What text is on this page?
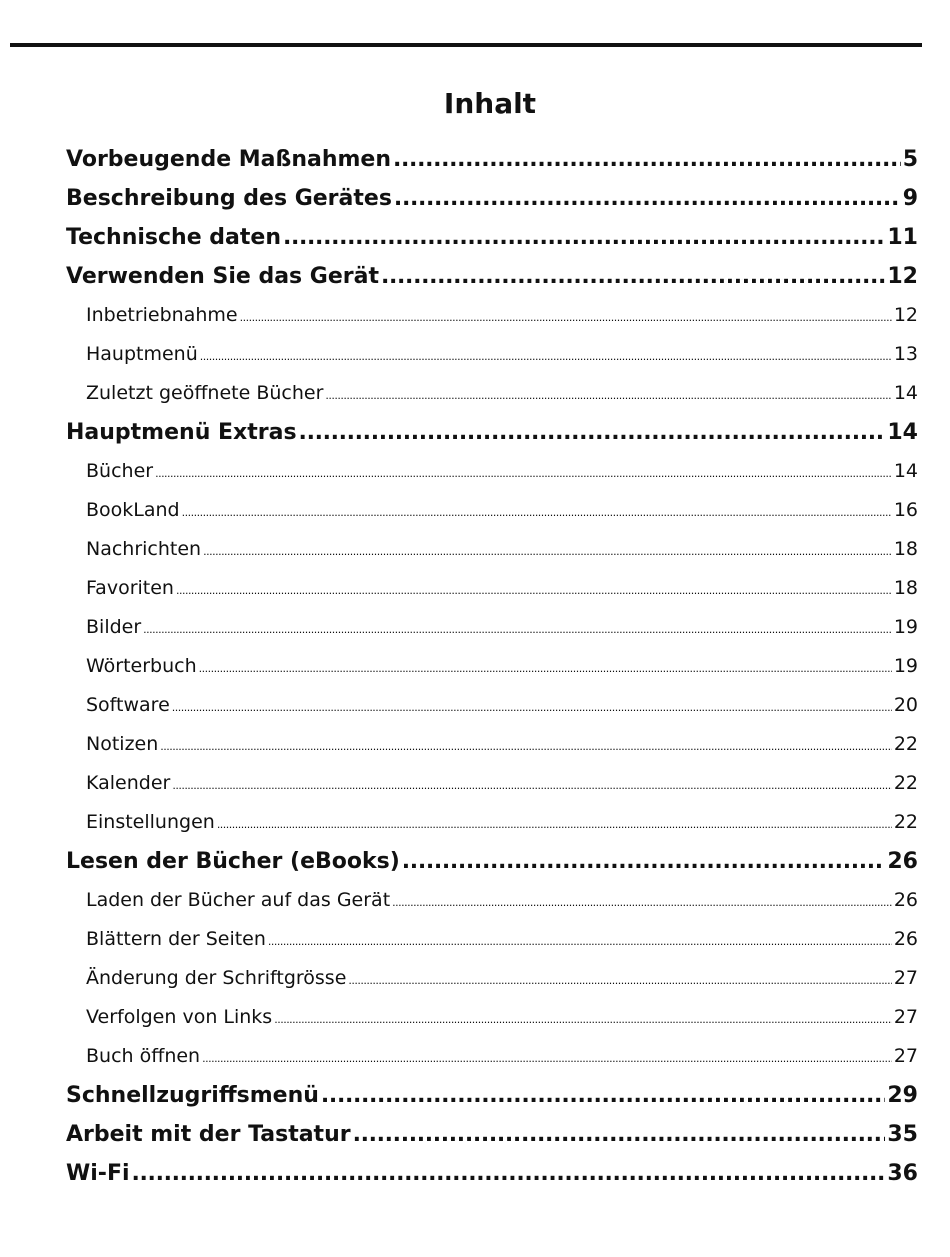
Inhalt
Vorbeugende Maßnahmen . . .	5
Beschreibung des Gerätes . . .	9
Technische daten . . .	11
Verwenden Sie das Gerät . . .	12
Inbetriebnahme . . .	12
Hauptmenü . . .	13
Zuletzt geöffnete Bücher . . .	14
Hauptmenü Extras . . .	14
Bücher . . .	14
BookLand . . .	16
Nachrichten . . .	18
Favoriten . . .	18
Bilder . . .	19
Wörterbuch . . .	19
Software . . .	20
Notizen . . .	22
Kalender . . .	22
Einstellungen . . .	22
Lesen der Bücher (eBooks) . . .	26
Laden der Bücher auf das Gerät . . .	26
Blättern der Seiten . . .	26
Änderung der Schriftgrösse . . .	27
Verfolgen von Links . . .	27
Buch öffnen . . .	27
Schnellzugriffsmenü . . .	29
Arbeit mit der Tastatur . . .	35
Wi-Fi . . .	36
